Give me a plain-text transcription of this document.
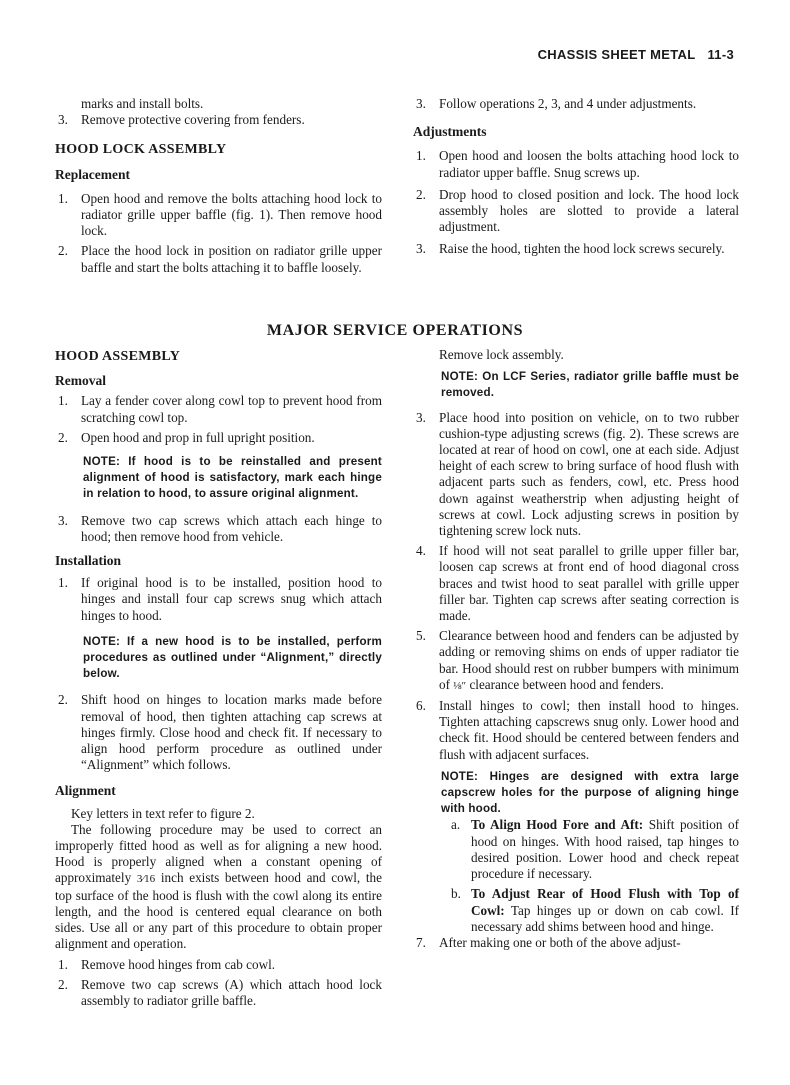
CHASSIS SHEET METAL 11-3

marks and install bolts.

3. Remove protective covering from fenders.

HOOD LOCK ASSEMBLY
Replacement

1. Open hood and remove the bolts attaching hood lock to radiator grille upper baffle (fig. 1). Then remove hood lock.

2. Place the hood lock in position on radiator grille upper baffle and start the bolts attaching it to baffle loosely.

3. Follow operations 2, 3, and 4 under adjustments.

Adjustments

1. Open hood and loosen the bolts attaching hood lock to radiator upper baffle. Snug screws up.

2. Drop hood to closed position and lock. The hood lock assembly holes are slotted to provide a lateral adjustment.

3. Raise the hood, tighten the hood lock screws securely.

MAJOR SERVICE OPERATIONS
HOOD ASSEMBLY
Removal

1. Lay a fender cover along cowl top to prevent hood from scratching cowl top.

2. Open hood and prop in full upright position.

NOTE: If hood is to be reinstalled and present alignment of hood is satisfactory, mark each hinge in relation to hood, to assure original alignment.

3. Remove two cap screws which attach each hinge to hood; then remove hood from vehicle.

Installation

1. If original hood is to be installed, position hood to hinges and install four cap screws snug which attach hinges to hood.

NOTE: If a new hood is to be installed, perform procedures as outlined under “Alignment,” directly below.

2. Shift hood on hinges to location marks made before removal of hood, then tighten attaching cap screws at hinges firmly. Close hood and check fit. If necessary to align hood perform procedure as outlined under “Alignment” which follows.

Alignment

Key letters in text refer to figure 2.

The following procedure may be used to correct an improperly fitted hood as well as for aligning a new hood. Hood is properly aligned when a constant opening of approximately 3⁄16 inch exists between hood and cowl, the top surface of the hood is flush with the cowl along its entire length, and the hood is centered equal clearance on both sides. Use all or any part of this procedure to obtain proper alignment and operation.

1. Remove hood hinges from cab cowl.

2. Remove two cap screws (A) which attach hood lock assembly to radiator grille baffle.

Remove lock assembly.

NOTE: On LCF Series, radiator grille baffle must be removed.

3. Place hood into position on vehicle, on to two rubber cushion-type adjusting screws (fig. 2). These screws are located at rear of hood on cowl, one at each side. Adjust height of each screw to bring surface of hood flush with adjacent parts such as fenders, cowl, etc. Press hood down against weatherstrip when adjusting height of screws at cowl. Lock adjusting screws in position by tightening screw lock nuts.

4. If hood will not seat parallel to grille upper filler bar, loosen cap screws at front end of hood diagonal cross braces and twist hood to seat parallel with grille upper filler bar. Tighten cap screws after seating correction is made.

5. Clearance between hood and fenders can be adjusted by adding or removing shims on ends of upper radiator tie bar. Hood should rest on rubber bumpers with minimum of ⅛″ clearance between hood and fenders.

6. Install hinges to cowl; then install hood to hinges. Tighten attaching capscrews snug only. Lower hood and check fit. Hood should be centered between fenders and flush with adjacent surfaces.

NOTE: Hinges are designed with extra large capscrew holes for the purpose of aligning hinge with hood.

a. To Align Hood Fore and Aft: Shift position of hood on hinges. With hood raised, tap hinges to desired position. Lower hood and check repeat procedure if necessary.

b. To Adjust Rear of Hood Flush with Top of Cowl: Tap hinges up or down on cab cowl. If necessary add shims between hood and hinge.

7. After making one or both of the above adjust-
